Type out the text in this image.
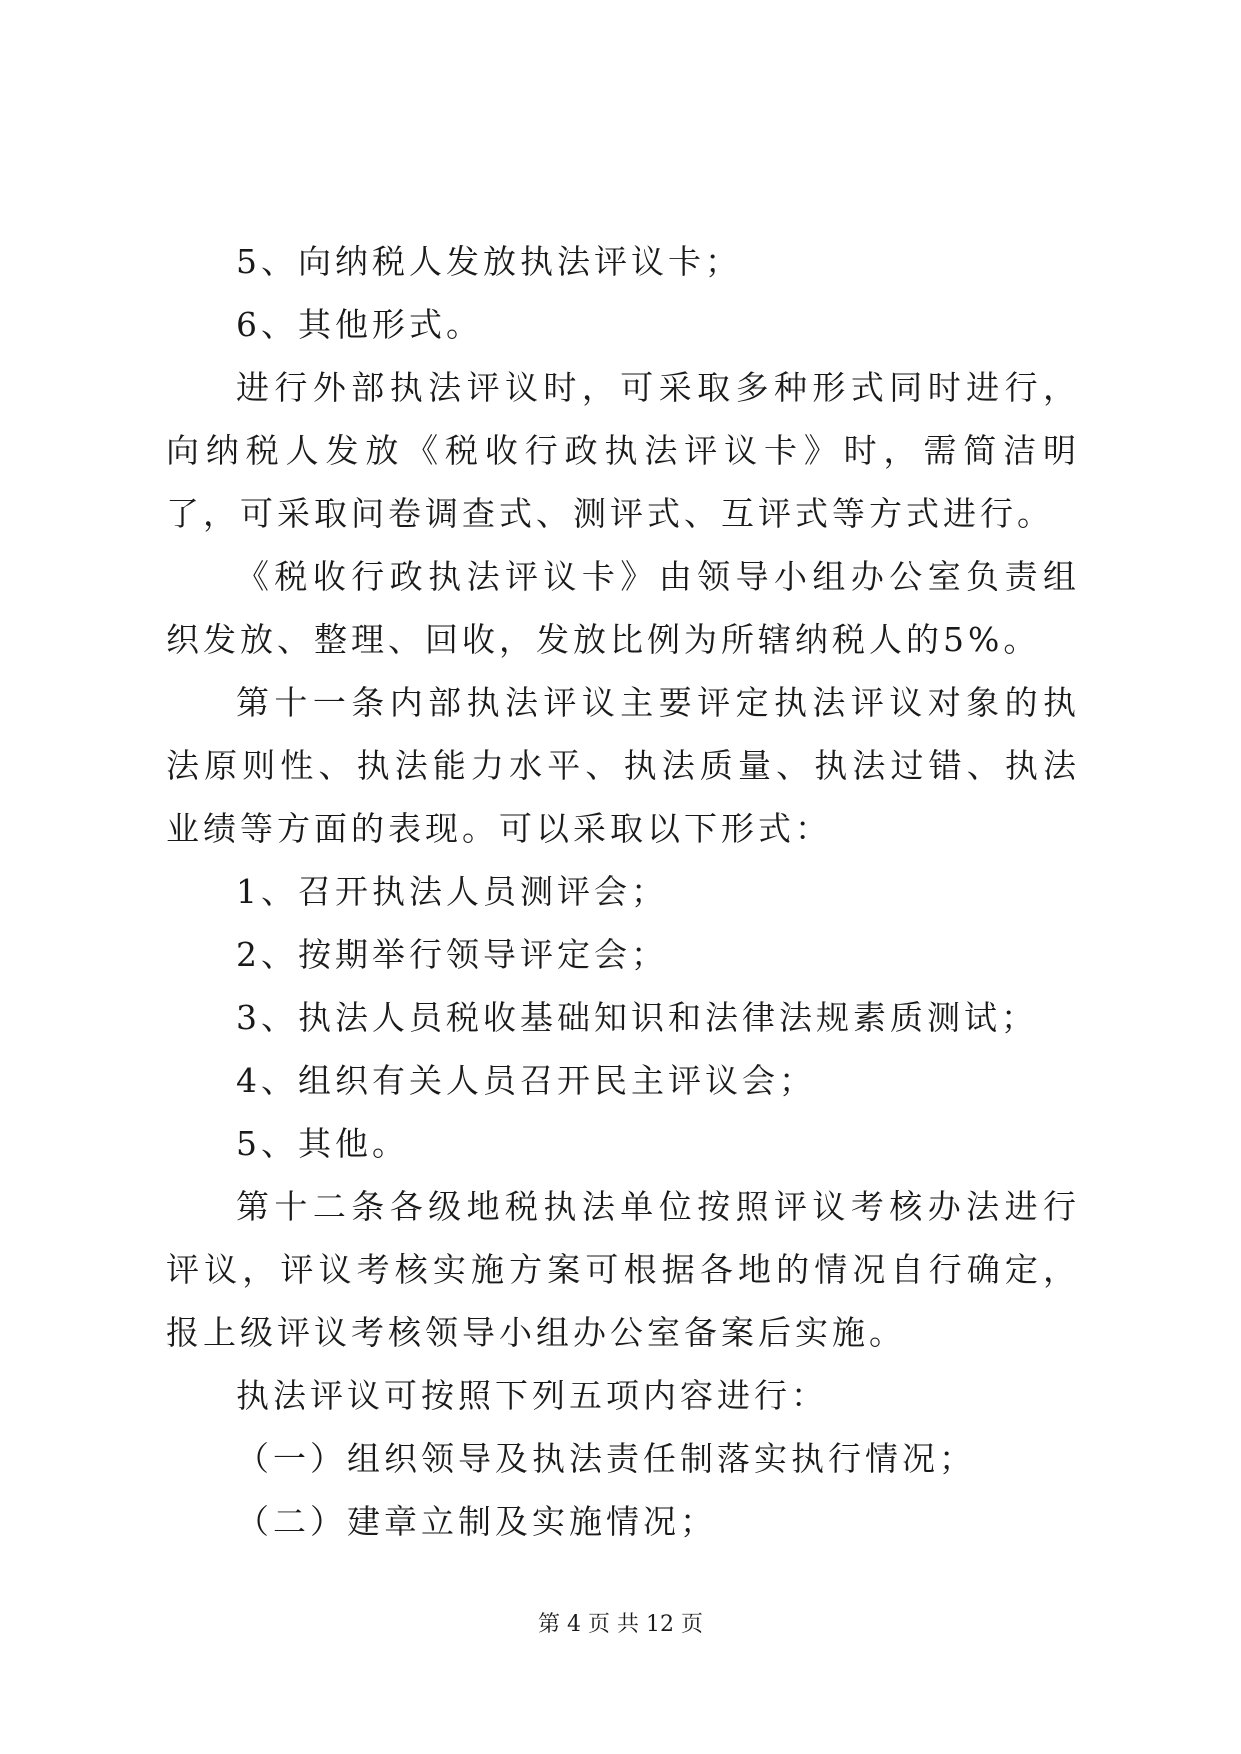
5、向纳税人发放执法评议卡；

6、其他形式。

进行外部执法评议时，可采取多种形式同时进行，向纳税人发放《税收行政执法评议卡》时，需简洁明了，可采取问卷调查式、测评式、互评式等方式进行。

《税收行政执法评议卡》由领导小组办公室负责组织发放、整理、回收，发放比例为所辖纳税人的5%。

第十一条内部执法评议主要评定执法评议对象的执法原则性、执法能力水平、执法质量、执法过错、执法业绩等方面的表现。可以采取以下形式：

1、召开执法人员测评会；

2、按期举行领导评定会；

3、执法人员税收基础知识和法律法规素质测试；

4、组织有关人员召开民主评议会；

5、其他。

第十二条各级地税执法单位按照评议考核办法进行评议，评议考核实施方案可根据各地的情况自行确定，报上级评议考核领导小组办公室备案后实施。

执法评议可按照下列五项内容进行：

（一）组织领导及执法责任制落实执行情况；

（二）建章立制及实施情况；

第 4 页 共 12 页
